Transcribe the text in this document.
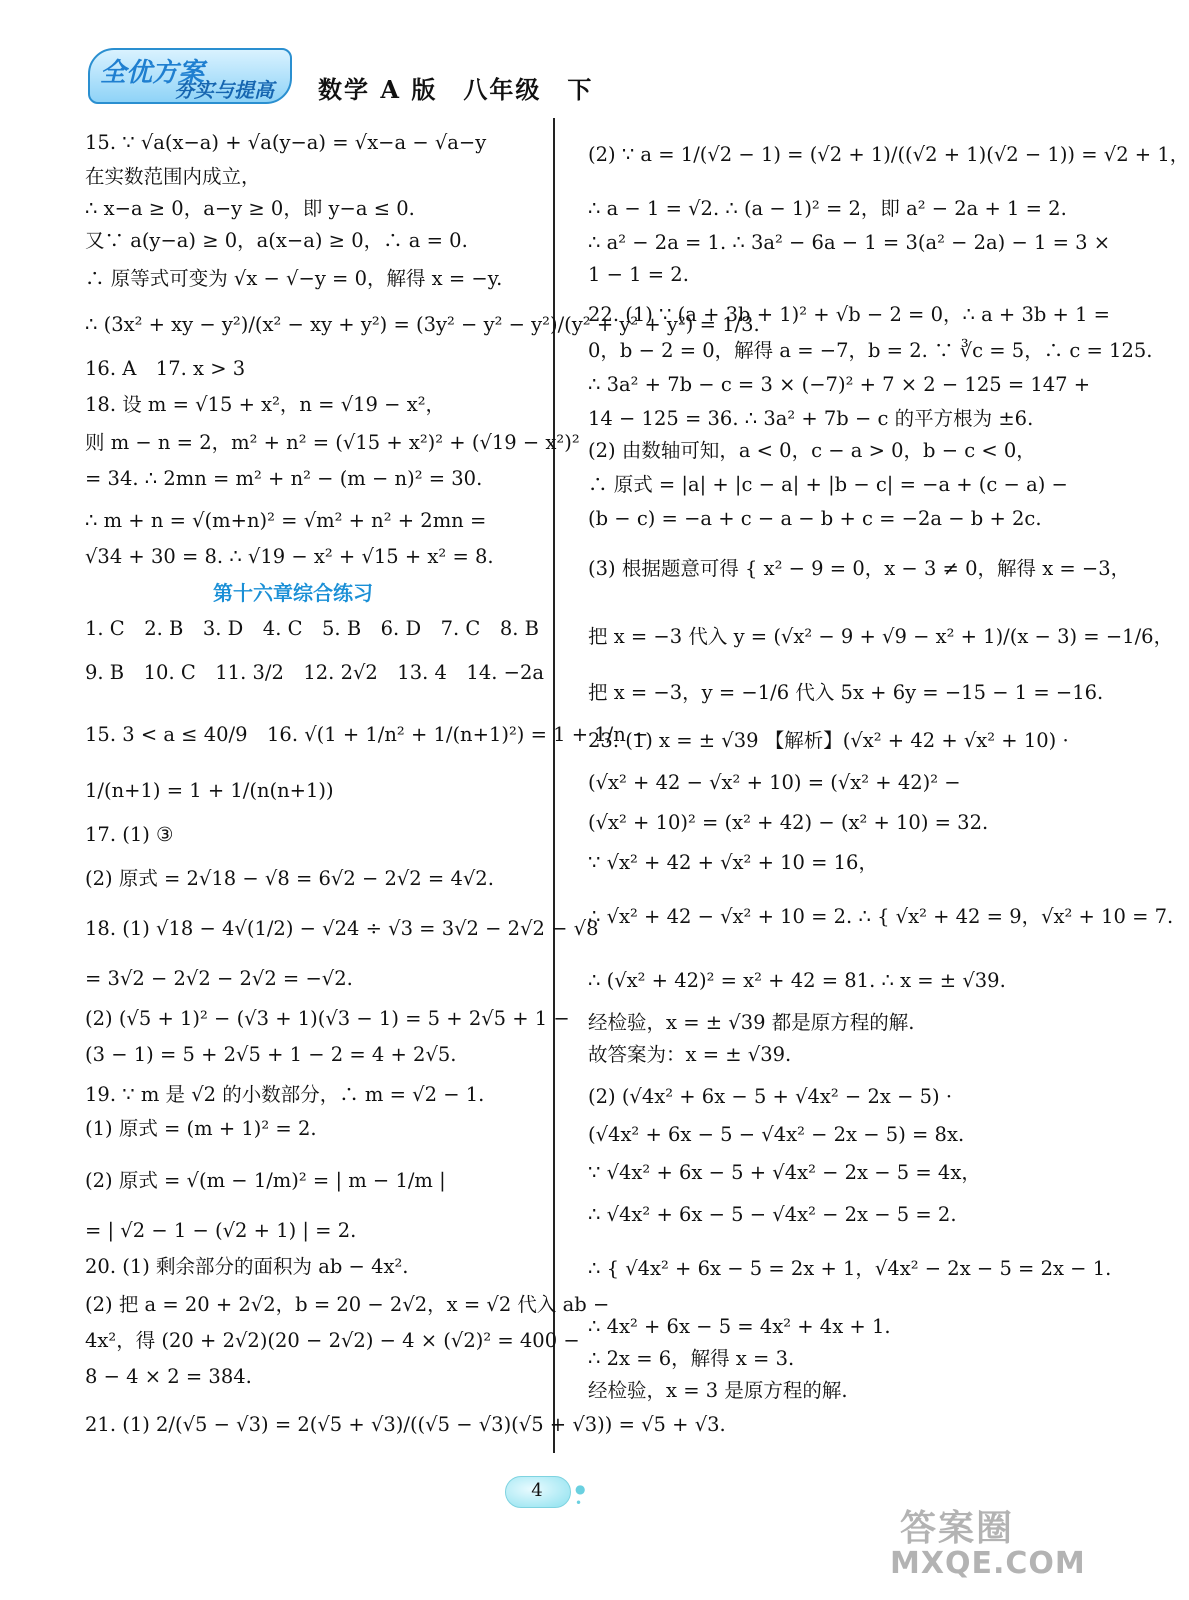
全优方案
夯实与提高 数学 A 版　八年级　下
15. ∵ √a(x−a) + √a(y−a) = √x−a − √a−y
在实数范围内成立，
∴ x−a ≥ 0，a−y ≥ 0，即 y−a ≤ 0.
又∵ a(y−a) ≥ 0，a(x−a) ≥ 0，∴ a = 0.
∴ 原等式可变为 √x − √−y = 0，解得 x = −y.
∴ (3x² + xy − y²)/(x² − xy + y²) = (3y² − y² − y²)/(y² + y² + y²) = 1/3.
16. A　17. x > 3
18. 设 m = √15 + x²，n = √19 − x²，
则 m − n = 2，m² + n² = (√15 + x²)² + (√19 − x²)²
= 34. ∴ 2mn = m² + n² − (m − n)² = 30.
∴ m + n = √(m+n)² = √m² + n² + 2mn =
√34 + 30 = 8. ∴ √19 − x² + √15 + x² = 8.
第十六章综合练习
1. C　2. B　3. D　4. C　5. B　6. D　7. C　8. B
9. B　10. C　11. 3/2　12. 2√2　13. 4　14. −2a
15. 3 < a ≤ 40/9　16. √(1 + 1/n² + 1/(n+1)²) = 1 + 1/n −
1/(n+1) = 1 + 1/(n(n+1))
17. (1) ③
(2) 原式 = 2√18 − √8 = 6√2 − 2√2 = 4√2.
18. (1) √18 − 4√(1/2) − √24 ÷ √3 = 3√2 − 2√2 − √8
= 3√2 − 2√2 − 2√2 = −√2.
(2) (√5 + 1)² − (√3 + 1)(√3 − 1) = 5 + 2√5 + 1 −
(3 − 1) = 5 + 2√5 + 1 − 2 = 4 + 2√5.
19. ∵ m 是 √2 的小数部分，∴ m = √2 − 1.
(1) 原式 = (m + 1)² = 2.
(2) 原式 = √(m − 1/m)² = | m − 1/m |
= | √2 − 1 − (√2 + 1) | = 2.
20. (1) 剩余部分的面积为 ab − 4x².
(2) 把 a = 20 + 2√2，b = 20 − 2√2，x = √2 代入 ab −
4x²，得 (20 + 2√2)(20 − 2√2) − 4 × (√2)² = 400 −
8 − 4 × 2 = 384.
21. (1) 2/(√5 − √3) = 2(√5 + √3)/((√5 − √3)(√5 + √3)) = √5 + √3.
(2) ∵ a = 1/(√2 − 1) = (√2 + 1)/((√2 + 1)(√2 − 1)) = √2 + 1，
∴ a − 1 = √2. ∴ (a − 1)² = 2，即 a² − 2a + 1 = 2.
∴ a² − 2a = 1. ∴ 3a² − 6a − 1 = 3(a² − 2a) − 1 = 3 ×
1 − 1 = 2.
22. (1) ∵ (a + 3b + 1)² + √b − 2 = 0，∴ a + 3b + 1 =
0，b − 2 = 0，解得 a = −7，b = 2. ∵ ∛c = 5，∴ c = 125.
∴ 3a² + 7b − c = 3 × (−7)² + 7 × 2 − 125 = 147 +
14 − 125 = 36. ∴ 3a² + 7b − c 的平方根为 ±6.
(2) 由数轴可知，a < 0，c − a > 0，b − c < 0，
∴ 原式 = |a| + |c − a| + |b − c| = −a + (c − a) −
(b − c) = −a + c − a − b + c = −2a − b + 2c.
(3) 根据题意可得 { x² − 9 = 0，x − 3 ≠ 0，解得 x = −3，
把 x = −3 代入 y = (√x² − 9 + √9 − x² + 1)/(x − 3) = −1/6，
把 x = −3，y = −1/6 代入 5x + 6y = −15 − 1 = −16.
23. (1) x = ± √39 【解析】(√x² + 42 + √x² + 10) ·
(√x² + 42 − √x² + 10) = (√x² + 42)² −
(√x² + 10)² = (x² + 42) − (x² + 10) = 32.
∵ √x² + 42 + √x² + 10 = 16，
∴ √x² + 42 − √x² + 10 = 2. ∴ { √x² + 42 = 9，√x² + 10 = 7.
∴ (√x² + 42)² = x² + 42 = 81. ∴ x = ± √39.
经检验，x = ± √39 都是原方程的解.
故答案为：x = ± √39.
(2) (√4x² + 6x − 5 + √4x² − 2x − 5) ·
(√4x² + 6x − 5 − √4x² − 2x − 5) = 8x.
∵ √4x² + 6x − 5 + √4x² − 2x − 5 = 4x，
∴ √4x² + 6x − 5 − √4x² − 2x − 5 = 2.
∴ { √4x² + 6x − 5 = 2x + 1，√4x² − 2x − 5 = 2x − 1.
∴ 4x² + 6x − 5 = 4x² + 4x + 1.
∴ 2x = 6，解得 x = 3.
经检验，x = 3 是原方程的解.
4	● •
答案圈
MXQE.COM
